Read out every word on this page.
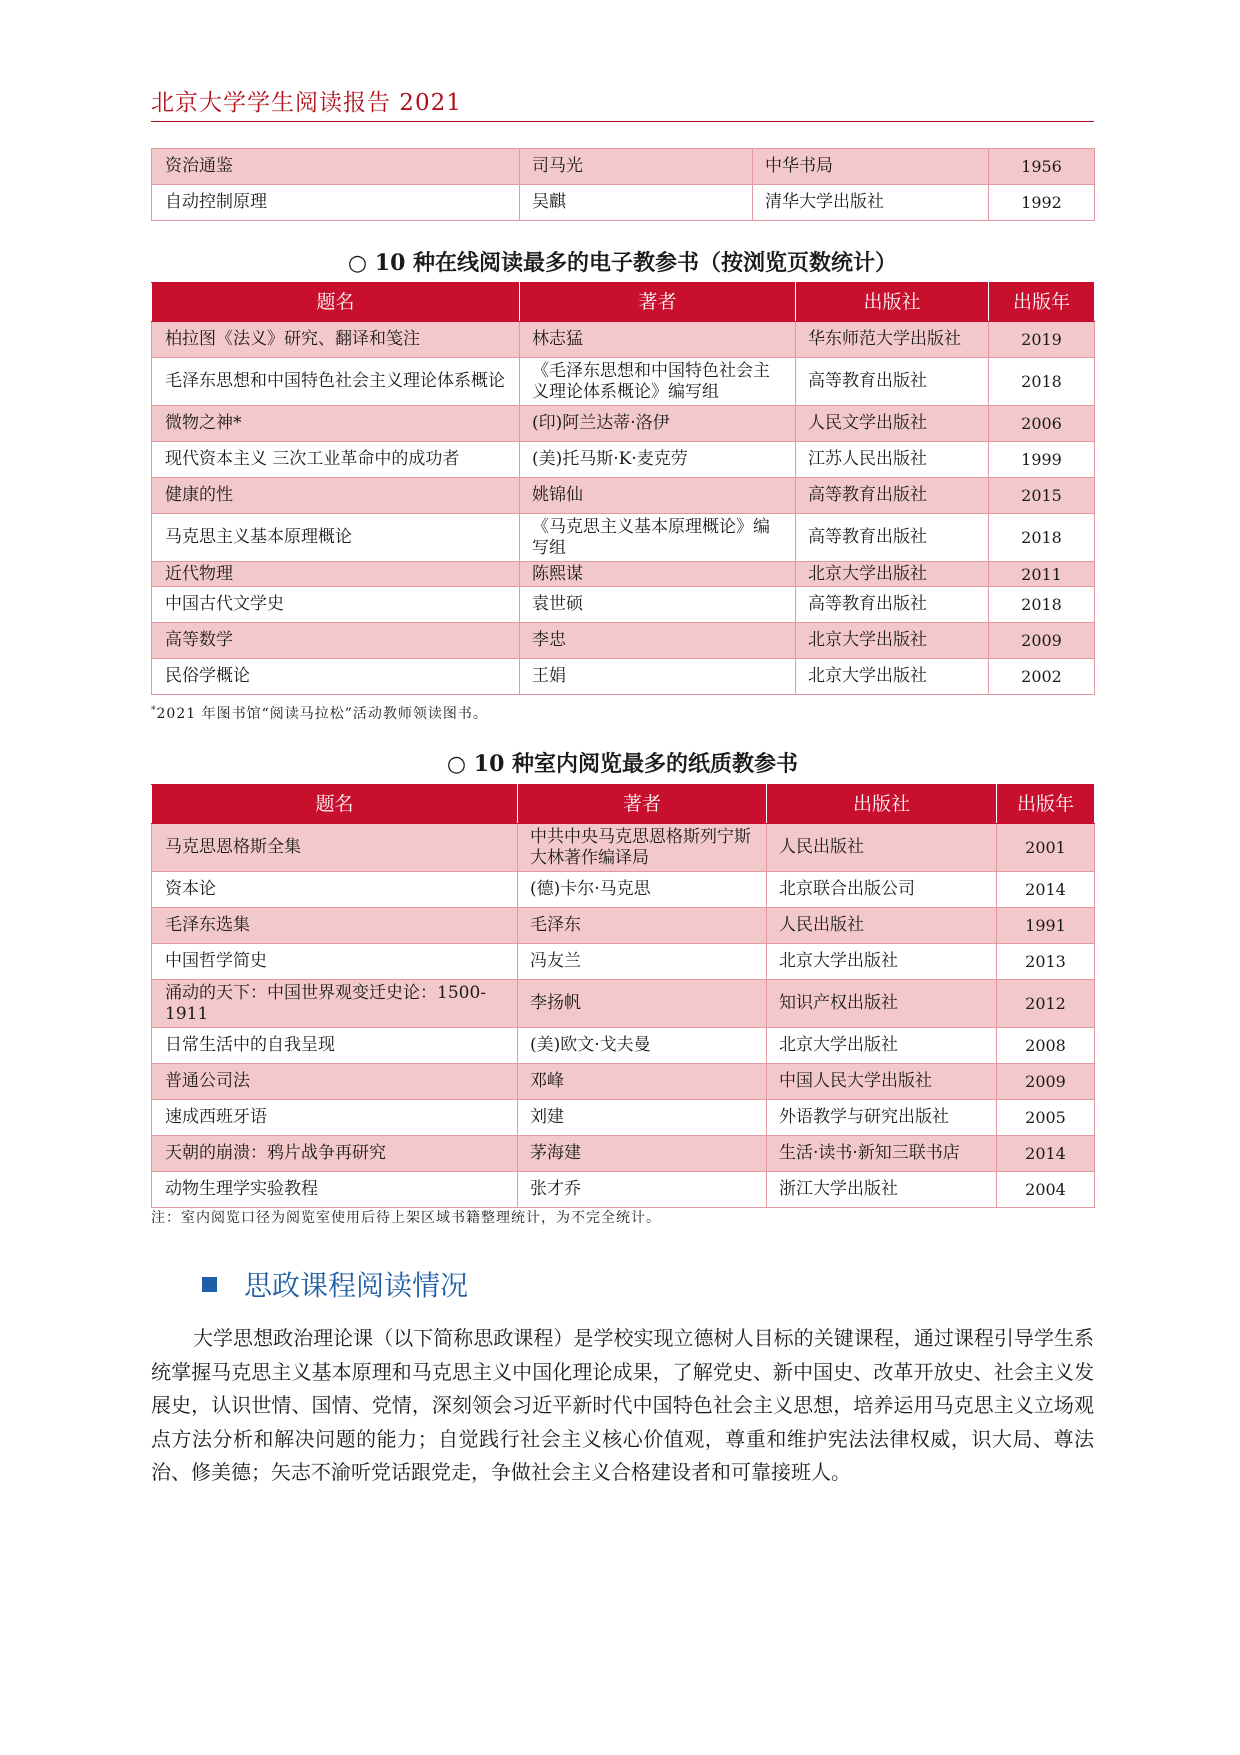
北京大学学生阅读报告 2021
资治通鉴	司马光	中华书局	1956
自动控制原理	吴麒	清华大学出版社	1992
○ 10 种在线阅读最多的电子教参书（按浏览页数统计）
题名	著者	出版社	出版年
柏拉图《法义》研究、翻译和笺注	林志猛	华东师范大学出版社	2019
毛泽东思想和中国特色社会主义理论体系概论	《毛泽东思想和中国特色社会主义理论体系概论》编写组	高等教育出版社	2018
微物之神*	(印)阿兰达蒂·洛伊	人民文学出版社	2006
现代资本主义 三次工业革命中的成功者	(美)托马斯·K·麦克劳	江苏人民出版社	1999
健康的性	姚锦仙	高等教育出版社	2015
马克思主义基本原理概论	《马克思主义基本原理概论》编写组	高等教育出版社	2018
近代物理	陈熙谋	北京大学出版社	2011
中国古代文学史	袁世硕	高等教育出版社	2018
高等数学	李忠	北京大学出版社	2009
民俗学概论	王娟	北京大学出版社	2002
*2021 年图书馆“阅读马拉松”活动教师领读图书。
○ 10 种室内阅览最多的纸质教参书
题名	著者	出版社	出版年
马克思恩格斯全集	中共中央马克思恩格斯列宁斯大林著作编译局	人民出版社	2001
资本论	(德)卡尔·马克思	北京联合出版公司	2014
毛泽东选集	毛泽东	人民出版社	1991
中国哲学简史	冯友兰	北京大学出版社	2013
涌动的天下：中国世界观变迁史论：1500-1911	李扬帆	知识产权出版社	2012
日常生活中的自我呈现	(美)欧文·戈夫曼	北京大学出版社	2008
普通公司法	邓峰	中国人民大学出版社	2009
速成西班牙语	刘建	外语教学与研究出版社	2005
天朝的崩溃：鸦片战争再研究	茅海建	生活·读书·新知三联书店	2014
动物生理学实验教程	张才乔	浙江大学出版社	2004
注：室内阅览口径为阅览室使用后待上架区域书籍整理统计，为不完全统计。
思政课程阅读情况
大学思想政治理论课（以下简称思政课程）是学校实现立德树人目标的关键课程，通过课程引导学生系统掌握马克思主义基本原理和马克思主义中国化理论成果，了解党史、新中国史、改革开放史、社会主义发展史，认识世情、国情、党情，深刻领会习近平新时代中国特色社会主义思想，培养运用马克思主义立场观点方法分析和解决问题的能力；自觉践行社会主义核心价值观，尊重和维护宪法法律权威，识大局、尊法治、修美德；矢志不渝听党话跟党走，争做社会主义合格建设者和可靠接班人。
